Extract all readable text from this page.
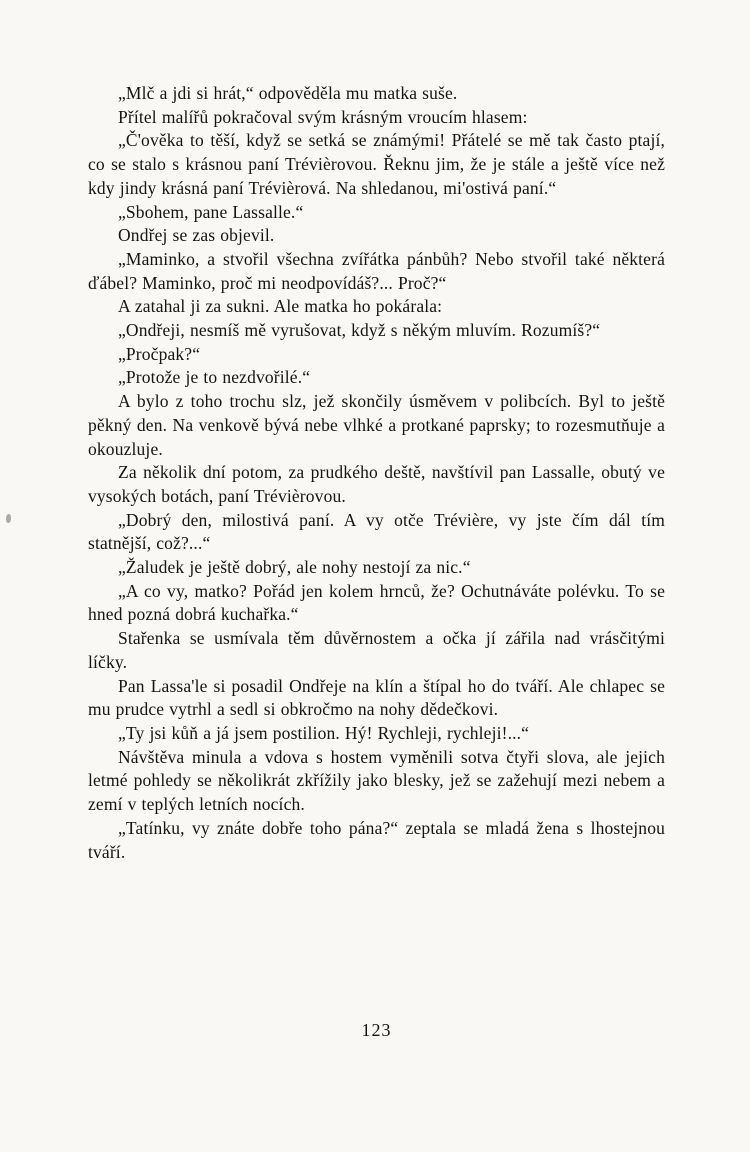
„Mlč a jdi si hrát,“ odpověděla mu matka suše.

Přítel malířů pokračoval svým krásným vroucím hlasem:

„Č'ověka to těší, když se setká se známými! Přátelé se mě tak často ptají, co se stalo s krásnou paní Trévièrovou. Řeknu jim, že je stále a ještě více než kdy jindy krásná paní Trévièrová. Na shledanou, mi'ostivá paní.“

„Sbohem, pane Lassalle.“

Ondřej se zas objevil.

„Maminko, a stvořil všechna zvířátka pánbůh? Nebo stvořil také některá ďábel? Maminko, proč mi neodpovídáš?... Proč?“

A zatahal ji za sukni. Ale matka ho pokárala:

„Ondřeji, nesmíš mě vyrušovat, když s někým mluvím. Rozumíš?“

„Pročpak?“

„Protože je to nezdvořilé.“

A bylo z toho trochu slz, jež skončily úsměvem v polibcích. Byl to ještě pěkný den. Na venkově bývá nebe vlhké a protkané paprsky; to rozesmutňuje a okouzluje.

Za několik dní potom, za prudkého deště, navštívil pan Lassalle, obutý ve vysokých botách, paní Trévièrovou.

„Dobrý den, milostivá paní. A vy otče Trévière, vy jste čím dál tím statnější, což?...“

„Žaludek je ještě dobrý, ale nohy nestojí za nic.“

„A co vy, matko? Pořád jen kolem hrnců, že? Ochutnáváte polévku. To se hned pozná dobrá kuchařka.“

Stařenka se usmívala těm důvěrnostem a očka jí zářila nad vrásčitými líčky.

Pan Lassa'le si posadil Ondřeje na klín a štípal ho do tváří. Ale chlapec se mu prudce vytrhl a sedl si obkročmo na nohy dědečkovi.

„Ty jsi kůň a já jsem postilion. Hý! Rychleji, rychleji!...“

Návštěva minula a vdova s hostem vyměnili sotva čtyři slova, ale jejich letmé pohledy se několikrát zkřížily jako blesky, jež se zažehují mezi nebem a zemí v teplých letních nocích.

„Tatínku, vy znáte dobře toho pána?“ zeptala se mladá žena s lhostejnou tváří.

123
